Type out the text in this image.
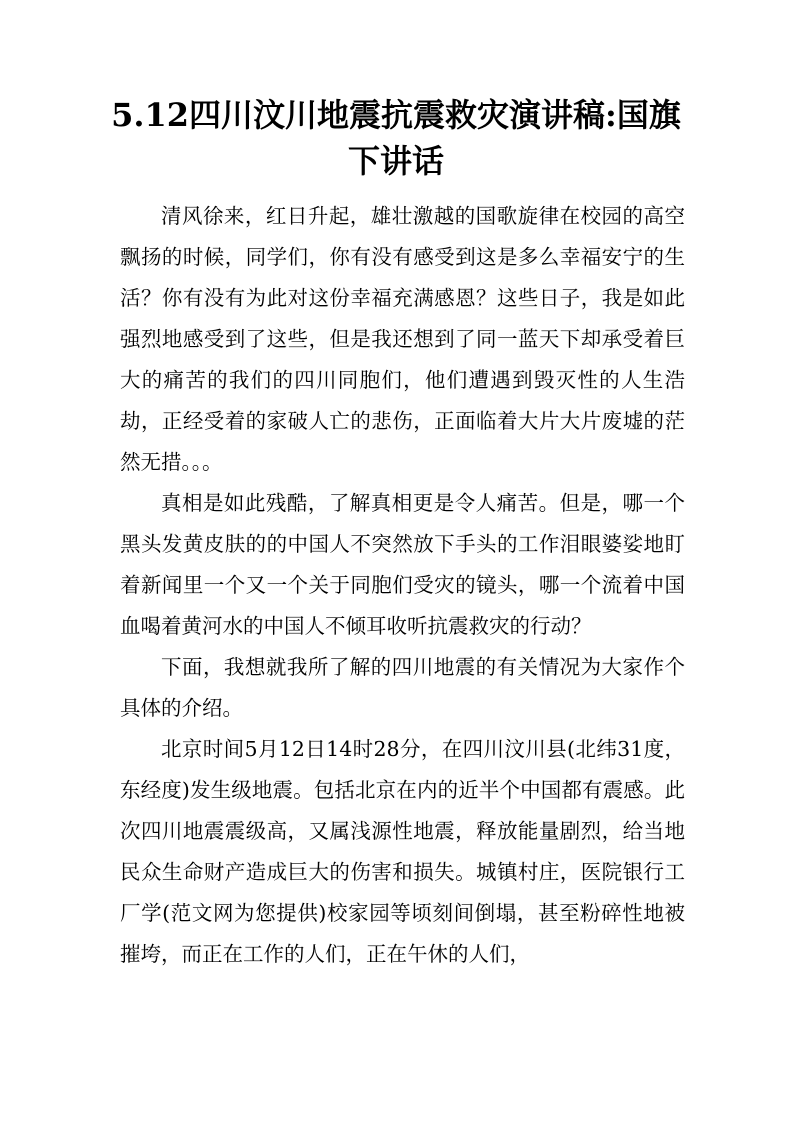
5.12四川汶川地震抗震救灾演讲稿:国旗下讲话

清风徐来，红日升起，雄壮激越的国歌旋律在校园的高空飘扬的时候，同学们，你有没有感受到这是多么幸福安宁的生活？你有没有为此对这份幸福充满感恩？这些日子，我是如此强烈地感受到了这些，但是我还想到了同一蓝天下却承受着巨大的痛苦的我们的四川同胞们，他们遭遇到毁灭性的人生浩劫，正经受着的家破人亡的悲伤，正面临着大片大片废墟的茫然无措。。。

真相是如此残酷，了解真相更是令人痛苦。但是，哪一个黑头发黄皮肤的的中国人不突然放下手头的工作泪眼婆娑地盯着新闻里一个又一个关于同胞们受灾的镜头，哪一个流着中国血喝着黄河水的中国人不倾耳收听抗震救灾的行动？

下面，我想就我所了解的四川地震的有关情况为大家作个具体的介绍。

北京时间5月12日14时28分，在四川汶川县(北纬31度，东经度)发生级地震。包括北京在内的近半个中国都有震感。此次四川地震震级高，又属浅源性地震，释放能量剧烈，给当地民众生命财产造成巨大的伤害和损失。城镇村庄，医院银行工厂学(范文网为您提供)校家园等顷刻间倒塌，甚至粉碎性地被摧垮，而正在工作的人们，正在午休的人们，
